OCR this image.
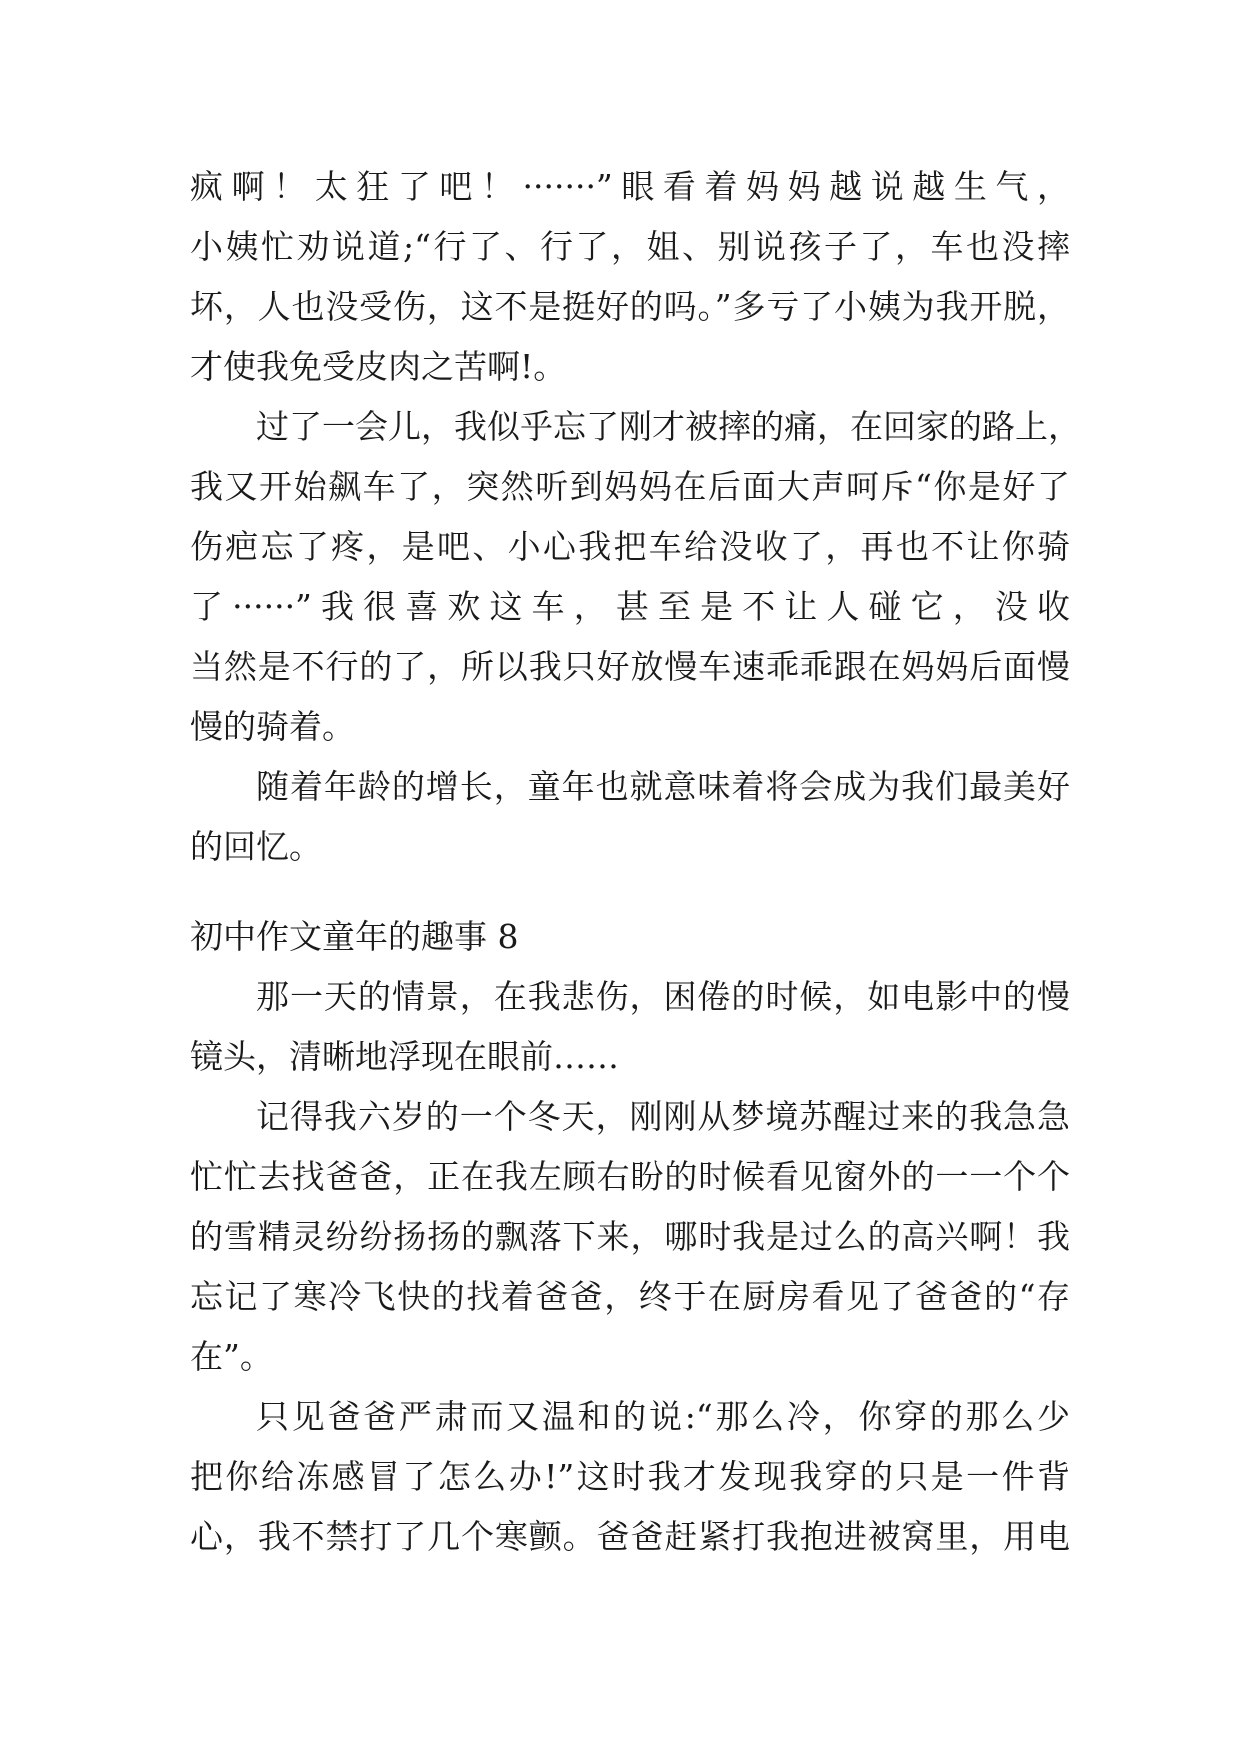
疯啊！太狂了吧！·······”眼看着妈妈越说越生气，
小姨忙劝说道;“行了、行了，姐、别说孩子了，车也没摔
坏，人也没受伤，这不是挺好的吗。”多亏了小姨为我开脱，
才使我免受皮肉之苦啊!。
过了一会儿，我似乎忘了刚才被摔的痛，在回家的路上，
我又开始飙车了，突然听到妈妈在后面大声呵斥“你是好了
伤疤忘了疼，是吧、小心我把车给没收了，再也不让你骑
了······”我很喜欢这车，甚至是不让人碰它，没收
当然是不行的了，所以我只好放慢车速乖乖跟在妈妈后面慢
慢的骑着。
随着年龄的增长，童年也就意味着将会成为我们最美好
的回忆。
初中作文童年的趣事 8
那一天的情景，在我悲伤，困倦的时候，如电影中的慢
镜头，清晰地浮现在眼前……
记得我六岁的一个冬天，刚刚从梦境苏醒过来的我急急
忙忙去找爸爸，正在我左顾右盼的时候看见窗外的一一个个
的雪精灵纷纷扬扬的飘落下来，哪时我是过么的高兴啊！我
忘记了寒冷飞快的找着爸爸，终于在厨房看见了爸爸的“存
在”。
只见爸爸严肃而又温和的说:“那么冷，你穿的那么少
把你给冻感冒了怎么办!”这时我才发现我穿的只是一件背
心，我不禁打了几个寒颤。爸爸赶紧打我抱进被窝里，用电
